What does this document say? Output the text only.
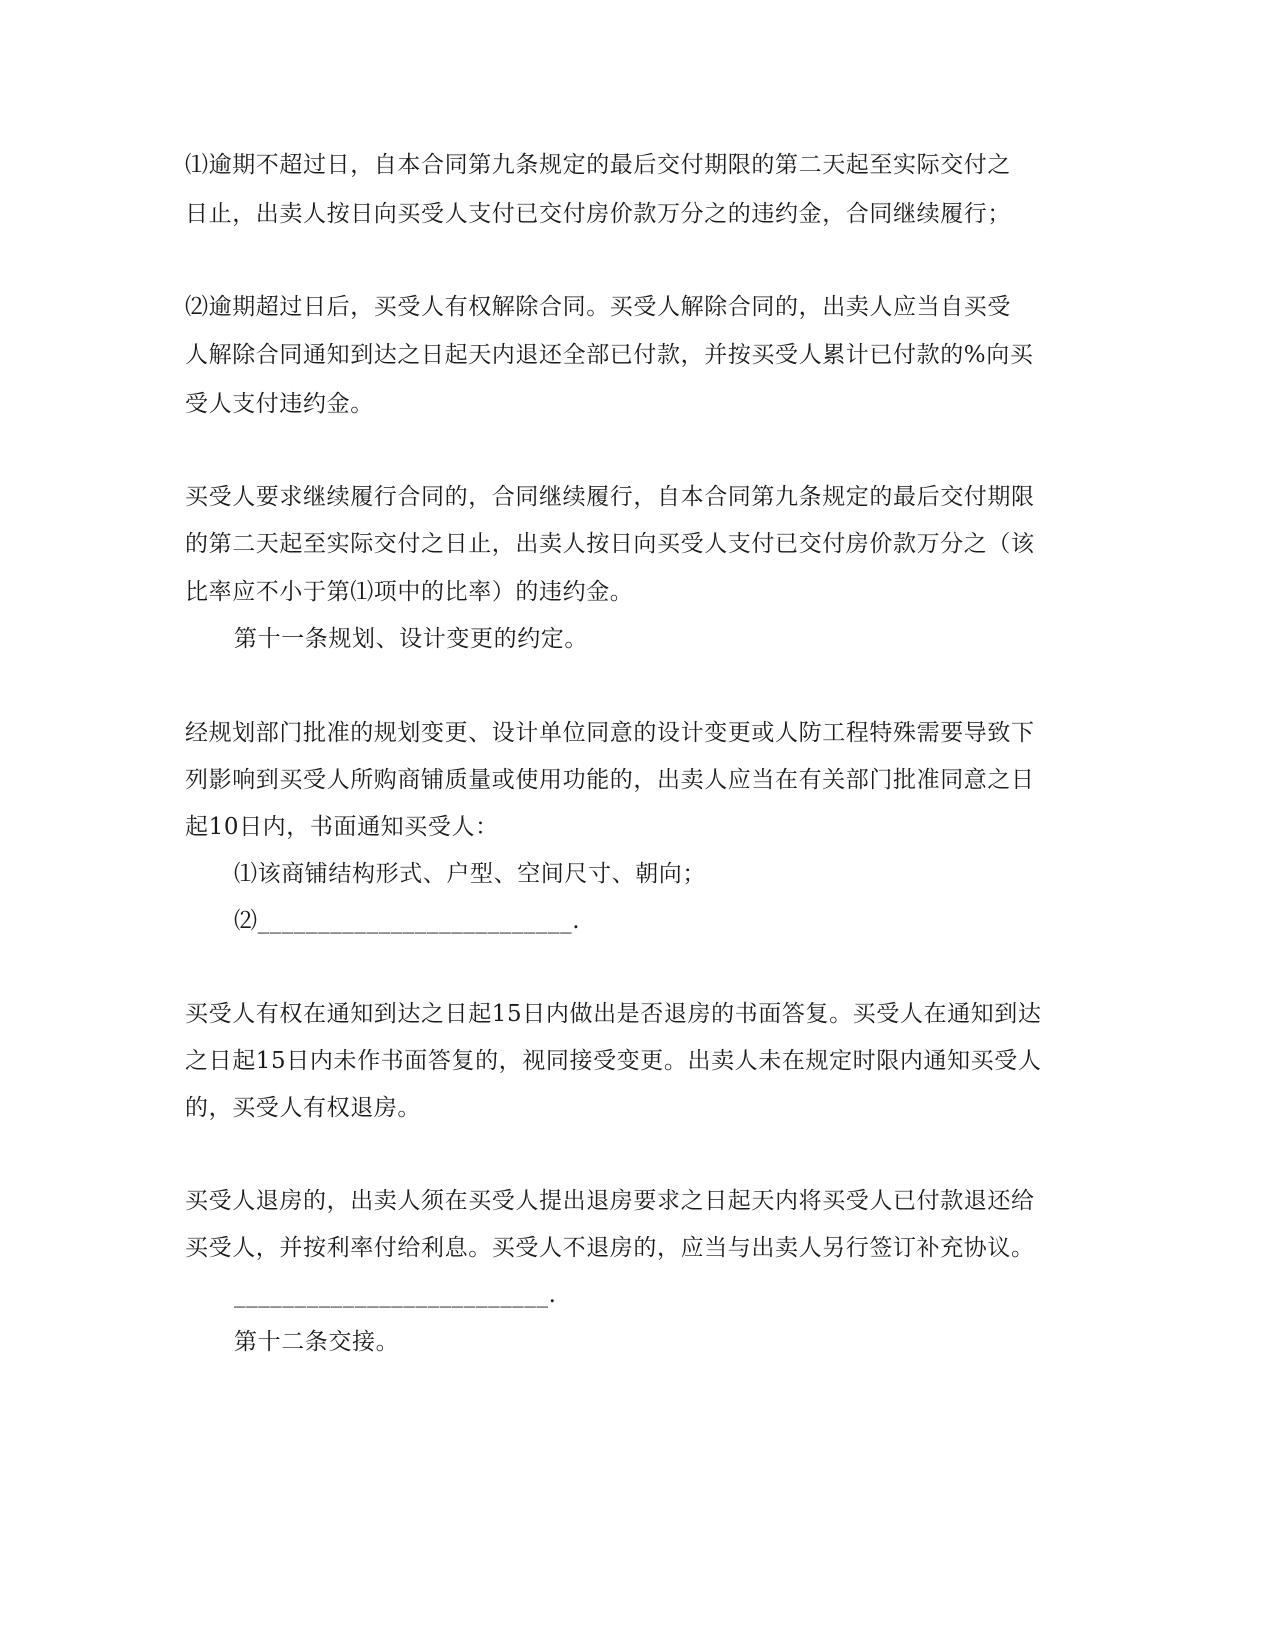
⑴逾期不超过日，自本合同第九条规定的最后交付期限的第二天起至实际交付之
日止，出卖人按日向买受人支付已交付房价款万分之的违约金，合同继续履行；
⑵逾期超过日后，买受人有权解除合同。买受人解除合同的，出卖人应当自买受
人解除合同通知到达之日起天内退还全部已付款，并按买受人累计已付款的%向买
受人支付违约金。
买受人要求继续履行合同的，合同继续履行，自本合同第九条规定的最后交付期限
的第二天起至实际交付之日止，出卖人按日向买受人支付已交付房价款万分之（该
比率应不小于第⑴项中的比率）的违约金。
第十一条规划、设计变更的约定。
经规划部门批准的规划变更、设计单位同意的设计变更或人防工程特殊需要导致下
列影响到买受人所购商铺质量或使用功能的，出卖人应当在有关部门批准同意之日
起10日内，书面通知买受人：
⑴该商铺结构形式、户型、空间尺寸、朝向；
⑵__________________________.
买受人有权在通知到达之日起15日内做出是否退房的书面答复。买受人在通知到达
之日起15日内未作书面答复的，视同接受变更。出卖人未在规定时限内通知买受人
的，买受人有权退房。
买受人退房的，出卖人须在买受人提出退房要求之日起天内将买受人已付款退还给
买受人，并按利率付给利息。买受人不退房的，应当与出卖人另行签订补充协议。
__________________________.
第十二条交接。
